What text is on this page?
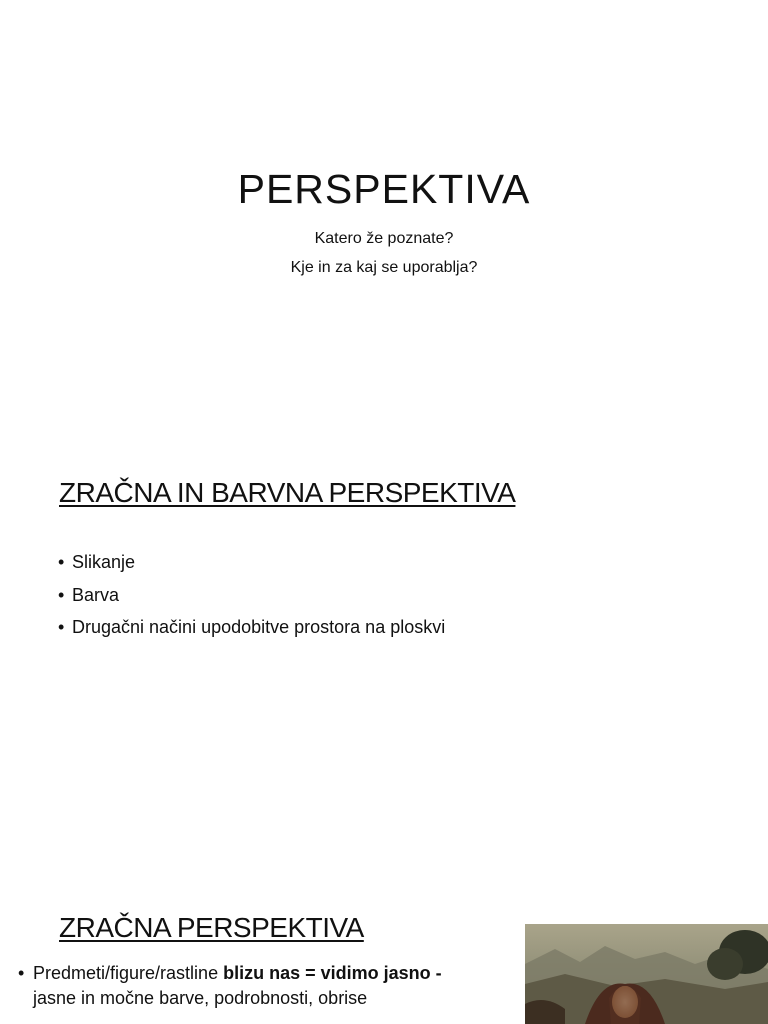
PERSPEKTIVA
Katero že poznate?
Kje in za kaj se uporablja?
ZRAČNA IN BARVNA PERSPEKTIVA
• Slikanje
• Barva
• Drugačni načini upodobitve prostora na ploskvi
ZRAČNA PERSPEKTIVA
• Predmeti/figure/rastline blizu nas = vidimo jasno -
jasne in močne barve, podrobnosti, obrise
